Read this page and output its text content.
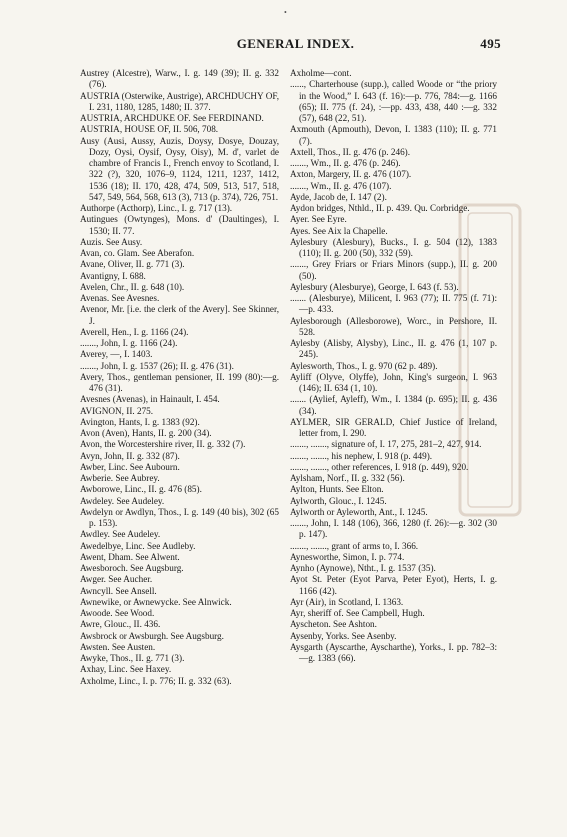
•
GENERAL INDEX.	495
Austrey (Alcestre), Warw., I. g. 149 (39); II. g. 332 (76).
AUSTRIA (Osterwike, Austrige), ARCHDUCHY OF, I. 231, 1180, 1285, 1480; II. 377.
AUSTRIA, ARCHDUKE OF. See FERDINAND.
AUSTRIA, HOUSE OF, II. 506, 708.
Ausy (Ausi, Aussy, Auzis, Doysy, Dosye, Douzay, Dozy, Oysi, Oysif, Oysy, Oisy), M. d', varlet de chambre of Francis I., French envoy to Scotland, I. 322 (?), 320, 1076–9, 1124, 1211, 1237, 1412, 1536 (18); II. 170, 428, 474, 509, 513, 517, 518, 547, 549, 564, 568, 613 (3), 713 (p. 374), 726, 751.
Authorpe (Acthorp), Linc., I. g. 717 (13).
Autingues (Owtynges), Mons. d' (Daultinges), I. 1530; II. 77.
Auzis. See Ausy.
Avan, co. Glam. See Aberafon.
Avane, Oliver, II. g. 771 (3).
Avantigny, I. 688.
Avelen, Chr., II. g. 648 (10).
Avenas. See Avesnes.
Avenor, Mr. [i.e. the clerk of the Avery]. See Skinner, J.
Averell, Hen., I. g. 1166 (24).
......., John, I. g. 1166 (24).
Averey, —, I. 1403.
......., John, I. g. 1537 (26); II. g. 476 (31).
Avery, Thos., gentleman pensioner, II. 199 (80):—g. 476 (31).
Avesnes (Avenas), in Hainault, I. 454.
AVIGNON, II. 275.
Avington, Hants, I. g. 1383 (92).
Avon (Aven), Hants, II. g. 200 (34).
Avon, the Worcestershire river, II. g. 332 (7).
Avyn, John, II. g. 332 (87).
Awber, Linc. See Aubourn.
Awberie. See Aubrey.
Awborowe, Linc., II. g. 476 (85).
Awdeley. See Audeley.
Awdelyn or Awdlyn, Thos., I. g. 149 (40 bis), 302 (65 p. 153).
Awdley. See Audeley.
Awedelbye, Linc. See Audleby.
Awent, Dham. See Alwent.
Awesboroch. See Augsburg.
Awger. See Aucher.
Awncyll. See Ansell.
Awnewike, or Awnewycke. See Alnwick.
Awoode. See Wood.
Awre, Glouc., II. 436.
Awsbrock or Awsburgh. See Augsburg.
Awsten. See Austen.
Awyke, Thos., II. g. 771 (3).
Axhay, Linc. See Haxey.
Axholme, Linc., I. p. 776; II. g. 332 (63).
Axholme—cont.
......, Charterhouse (supp.), called Woode or “the priory in the Wood,” I. 643 (f. 16):—p. 776, 784:—g. 1166 (65); II. 775 (f. 24), :—pp. 433, 438, 440 :—g. 332 (57), 648 (22, 51).
Axmouth (Apmouth), Devon, I. 1383 (110); II. g. 771 (7).
Axtell, Thos., II. g. 476 (p. 246).
......., Wm., II. g. 476 (p. 246).
Axton, Margery, II. g. 476 (107).
......., Wm., II. g. 476 (107).
Ayde, Jacob de, I. 147 (2).
Aydon bridges, Nthld., II. p. 439. Qu. Corbridge.
Ayer. See Eyre.
Ayes. See Aix la Chapelle.
Aylesbury (Alesbury), Bucks., I. g. 504 (12), 1383 (110); II. g. 200 (50), 332 (59).
......., Grey Friars or Friars Minors (supp.), II. g. 200 (50).
Aylesbury (Alesburye), George, I. 643 (f. 53).
....... (Alesburye), Milicent, I. 963 (77); II. 775 (f. 71):—p. 433.
Aylesborough (Allesborowe), Worc., in Pershore, II. 528.
Aylesby (Alisby, Alysby), Linc., II. g. 476 (1, 107 p. 245).
Aylesworth, Thos., I. g. 970 (62 p. 489).
Ayliff (Olyve, Olyffe), John, King's surgeon, I. 963 (146); II. 634 (1, 10).
....... (Aylief, Ayleff), Wm., I. 1384 (p. 695); II. g. 436 (34).
AYLMER, SIR GERALD, Chief Justice of Ireland, letter from, I. 290.
......., ......., signature of, I. 17, 275, 281–2, 427, 914.
......., ......., his nephew, I. 918 (p. 449).
......., ......., other references, I. 918 (p. 449), 920.
Aylsham, Norf., II. g. 332 (56).
Aylton, Hunts. See Elton.
Aylworth, Glouc., I. 1245.
Aylworth or Ayleworth, Ant., I. 1245.
......., John, I. 148 (106), 366, 1280 (f. 26):—g. 302 (30 p. 147).
......., ......., grant of arms to, I. 366.
Aynesworthe, Simon, I. p. 774.
Aynho (Aynowe), Ntht., I. g. 1537 (35).
Ayot St. Peter (Eyot Parva, Peter Eyot), Herts, I. g. 1166 (42).
Ayr (Air), in Scotland, I. 1363.
Ayr, sheriff of. See Campbell, Hugh.
Ayscheton. See Ashton.
Aysenby, Yorks. See Asenby.
Aysgarth (Ayscarthe, Ayscharthe), Yorks., I. pp. 782–3:—g. 1383 (66).
